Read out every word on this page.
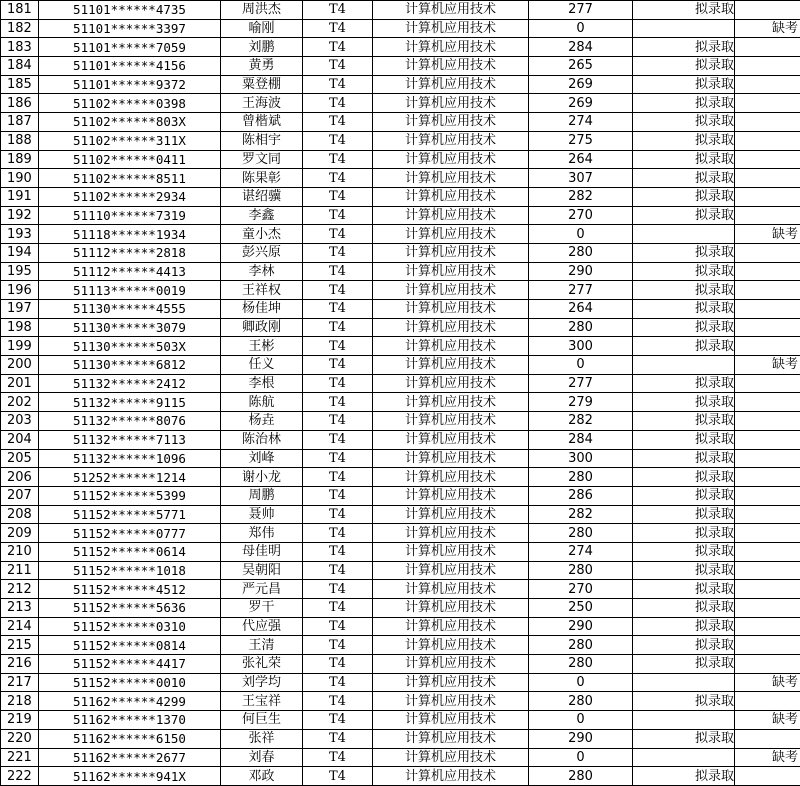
181	51101******4735	周洪杰	T4	计算机应用技术	277	拟录取	
182	51101******3397	喻刚	T4	计算机应用技术	0		缺考
183	51101******7059	刘鹏	T4	计算机应用技术	284	拟录取	
184	51101******4156	黄勇	T4	计算机应用技术	265	拟录取	
185	51101******9372	粟登棚	T4	计算机应用技术	269	拟录取	
186	51102******0398	王海波	T4	计算机应用技术	269	拟录取	
187	51102******803X	曾楷斌	T4	计算机应用技术	274	拟录取	
188	51102******311X	陈相宇	T4	计算机应用技术	275	拟录取	
189	51102******0411	罗文同	T4	计算机应用技术	264	拟录取	
190	51102******8511	陈果彰	T4	计算机应用技术	307	拟录取	
191	51102******2934	谌绍骥	T4	计算机应用技术	282	拟录取	
192	51110******7319	李鑫	T4	计算机应用技术	270	拟录取	
193	51118******1934	童小杰	T4	计算机应用技术	0		缺考
194	51112******2818	彭兴原	T4	计算机应用技术	280	拟录取	
195	51112******4413	李林	T4	计算机应用技术	290	拟录取	
196	51113******0019	王祥权	T4	计算机应用技术	277	拟录取	
197	51130******4555	杨佳坤	T4	计算机应用技术	264	拟录取	
198	51130******3079	卿政刚	T4	计算机应用技术	280	拟录取	
199	51130******503X	王彬	T4	计算机应用技术	300	拟录取	
200	51130******6812	任义	T4	计算机应用技术	0		缺考
201	51132******2412	李根	T4	计算机应用技术	277	拟录取	
202	51132******9115	陈航	T4	计算机应用技术	279	拟录取	
203	51132******8076	杨垚	T4	计算机应用技术	282	拟录取	
204	51132******7113	陈治林	T4	计算机应用技术	284	拟录取	
205	51132******1096	刘峰	T4	计算机应用技术	300	拟录取	
206	51252******1214	谢小龙	T4	计算机应用技术	280	拟录取	
207	51152******5399	周鹏	T4	计算机应用技术	286	拟录取	
208	51152******5771	聂帅	T4	计算机应用技术	282	拟录取	
209	51152******0777	郑伟	T4	计算机应用技术	280	拟录取	
210	51152******0614	母佳明	T4	计算机应用技术	274	拟录取	
211	51152******1018	吴朝阳	T4	计算机应用技术	280	拟录取	
212	51152******4512	严元昌	T4	计算机应用技术	270	拟录取	
213	51152******5636	罗干	T4	计算机应用技术	250	拟录取	
214	51152******0310	代应强	T4	计算机应用技术	290	拟录取	
215	51152******0814	王清	T4	计算机应用技术	280	拟录取	
216	51152******4417	张礼荣	T4	计算机应用技术	280	拟录取	
217	51152******0010	刘学均	T4	计算机应用技术	0		缺考
218	51162******4299	王宝祥	T4	计算机应用技术	280	拟录取	
219	51162******1370	何巨生	T4	计算机应用技术	0		缺考
220	51162******6150	张祥	T4	计算机应用技术	290	拟录取	
221	51162******2677	刘春	T4	计算机应用技术	0		缺考
222	51162******941X	邓政	T4	计算机应用技术	280	拟录取	
